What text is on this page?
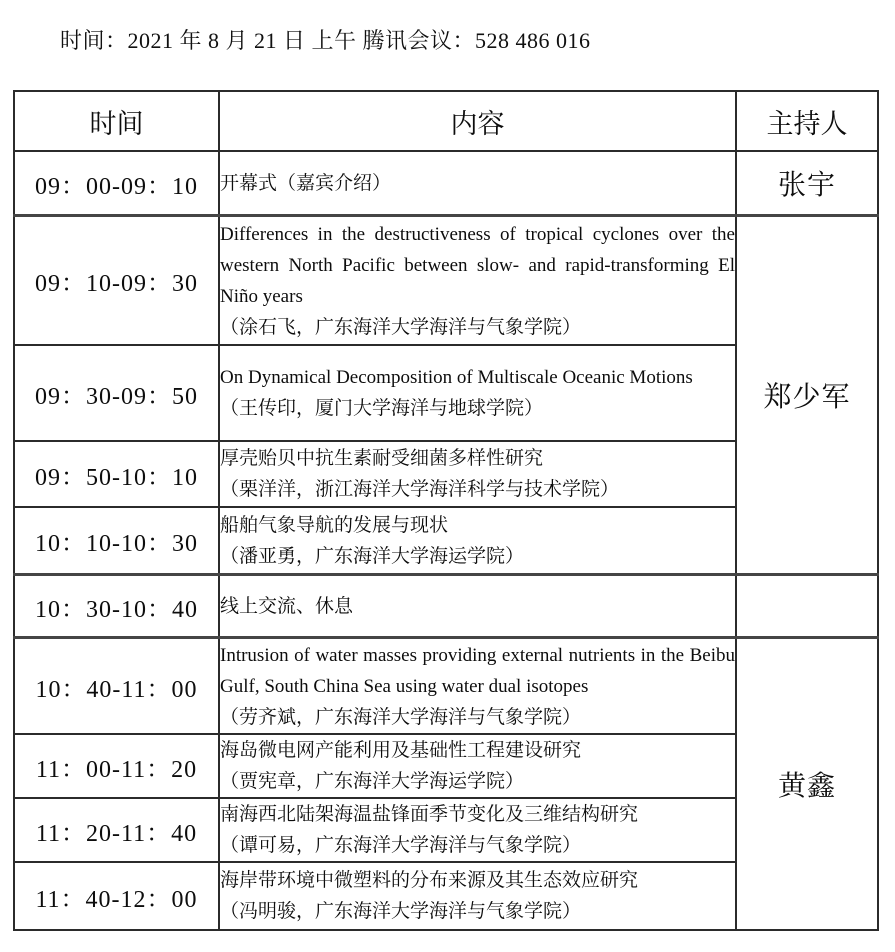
时间：2021 年 8 月 21 日 上午 腾讯会议：528 486 016
时间	内容	主持人
09：00-09：10	开幕式（嘉宾介绍）	张宇
09：10-09：30	Differences in the destructiveness of tropical cyclones over the western North Pacific between slow- and rapid-transforming El Niño years
（涂石飞，广东海洋大学海洋与气象学院）	郑少军
09：30-09：50	On Dynamical Decomposition of Multiscale Oceanic Motions
（王传印，厦门大学海洋与地球学院）	

09：50-10：10	厚壳贻贝中抗生素耐受细菌多样性研究
（栗洋洋，浙江海洋大学海洋科学与技术学院）	

10：10-10：30	船舶气象导航的发展与现状
（潘亚勇，广东海洋大学海运学院）	

10：30-10：40	线上交流、休息	

10：40-11：00	Intrusion of water masses providing external nutrients in the Beibu Gulf, South China Sea using water dual isotopes
（劳齐斌，广东海洋大学海洋与气象学院）	黄鑫
11：00-11：20	海岛微电网产能利用及基础性工程建设研究
（贾宪章，广东海洋大学海运学院）	

11：20-11：40	南海西北陆架海温盐锋面季节变化及三维结构研究
（谭可易，广东海洋大学海洋与气象学院）	

11：40-12：00	海岸带环境中微塑料的分布来源及其生态效应研究
（冯明骏，广东海洋大学海洋与气象学院）	
